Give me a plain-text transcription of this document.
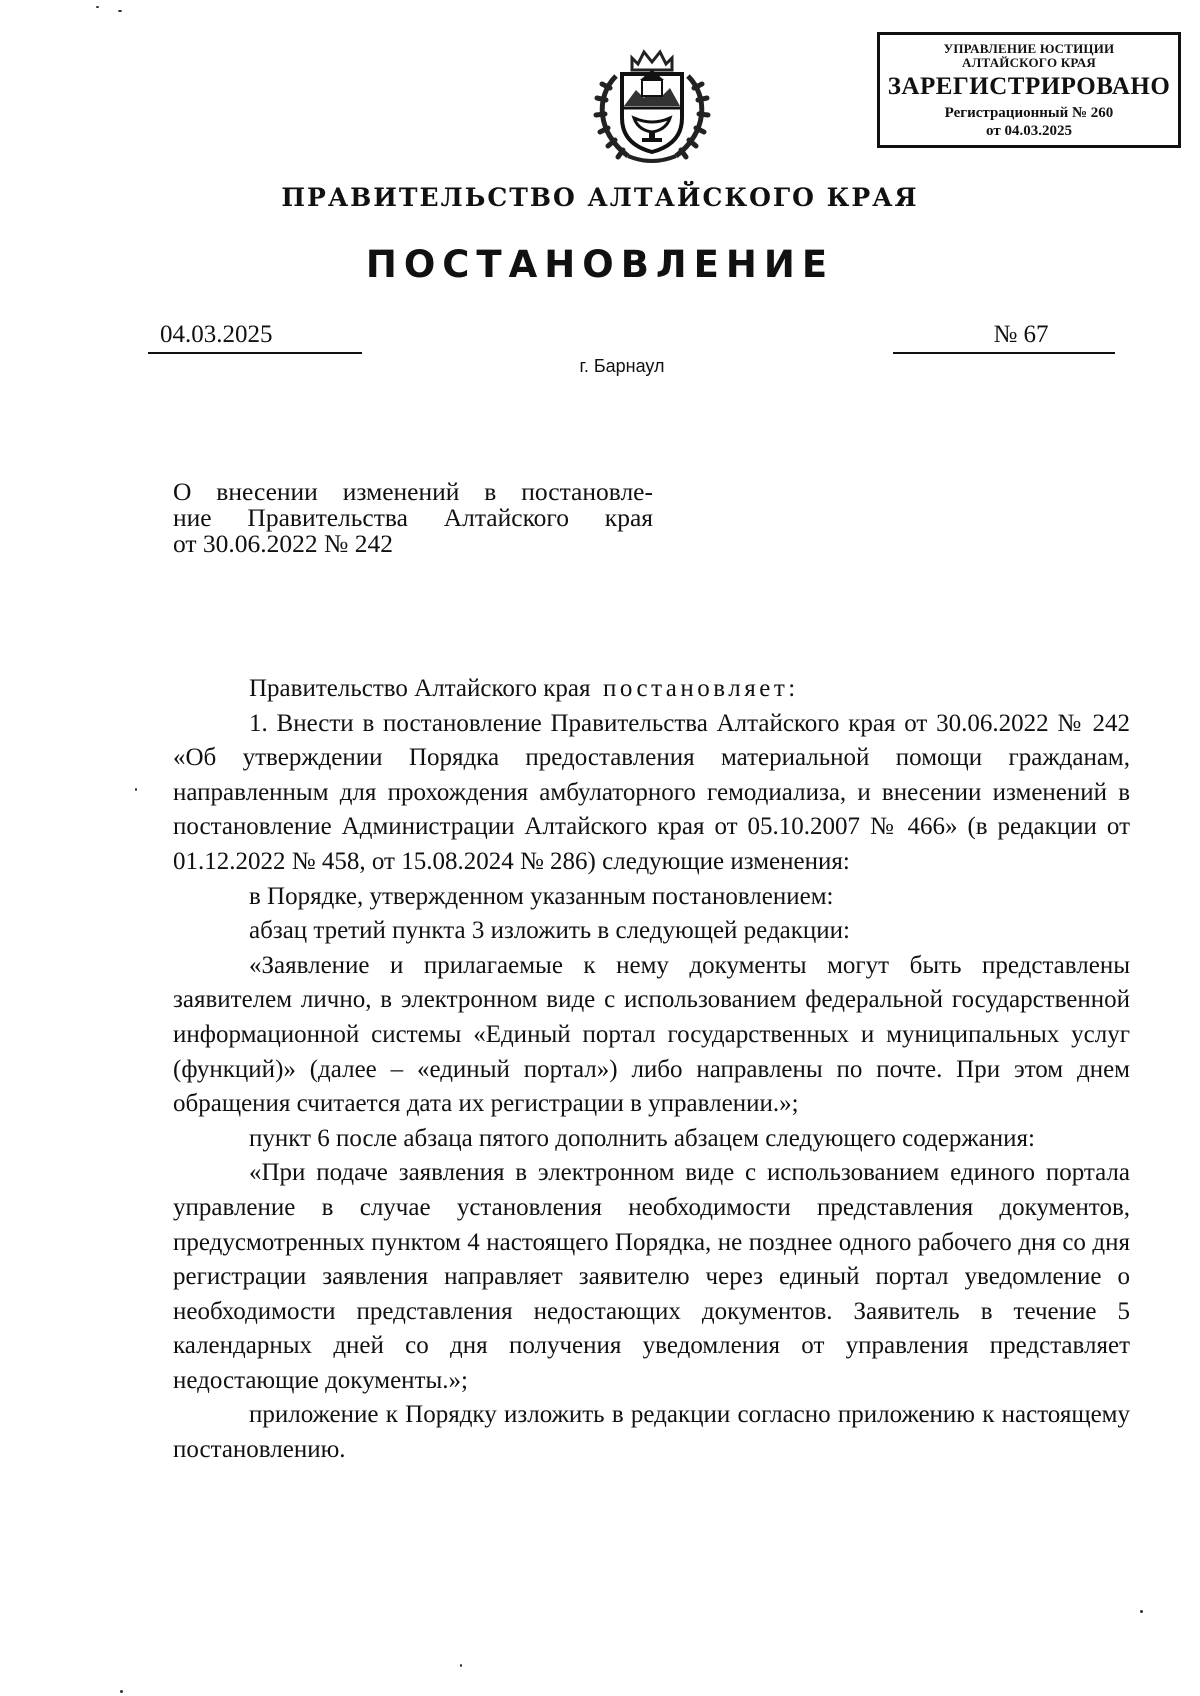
УПРАВЛЕНИЕ ЮСТИЦИИ
АЛТАЙСКОГО КРАЯ
ЗАРЕГИСТРИРОВАНО
Регистрационный № 260
от 04.03.2025
ПРАВИТЕЛЬСТВО АЛТАЙСКОГО КРАЯ
ПОСТАНОВЛЕНИЕ
04.03.2025	№ 67
г. Барнаул
О внесении изменений в постановле-
ние Правительства Алтайского края
от 30.06.2022 № 242

Правительство Алтайского края постановляет:

1. Внести в постановление Правительства Алтайского края от 30.06.2022 № 242 «Об утверждении Порядка предоставления материальной помощи гражданам, направленным для прохождения амбулаторного гемодиализа, и внесении изменений в постановление Администрации Алтайского края от 05.10.2007 № 466» (в редакции от 01.12.2022 № 458, от 15.08.2024 № 286) следующие изменения:

в Порядке, утвержденном указанным постановлением:

абзац третий пункта 3 изложить в следующей редакции:

«Заявление и прилагаемые к нему документы могут быть представлены заявителем лично, в электронном виде с использованием федеральной государственной информационной системы «Единый портал государственных и муниципальных услуг (функций)» (далее – «единый портал») либо направлены по почте. При этом днем обращения считается дата их регистрации в управлении.»;

пункт 6 после абзаца пятого дополнить абзацем следующего содержания:

«При подаче заявления в электронном виде с использованием единого портала управление в случае установления необходимости представления документов, предусмотренных пунктом 4 настоящего Порядка, не позднее одного рабочего дня со дня регистрации заявления направляет заявителю через единый портал уведомление о необходимости представления недостающих документов. Заявитель в течение 5 календарных дней со дня получения уведомления от управления представляет недостающие документы.»;

приложение к Порядку изложить в редакции согласно приложению к настоящему постановлению.
